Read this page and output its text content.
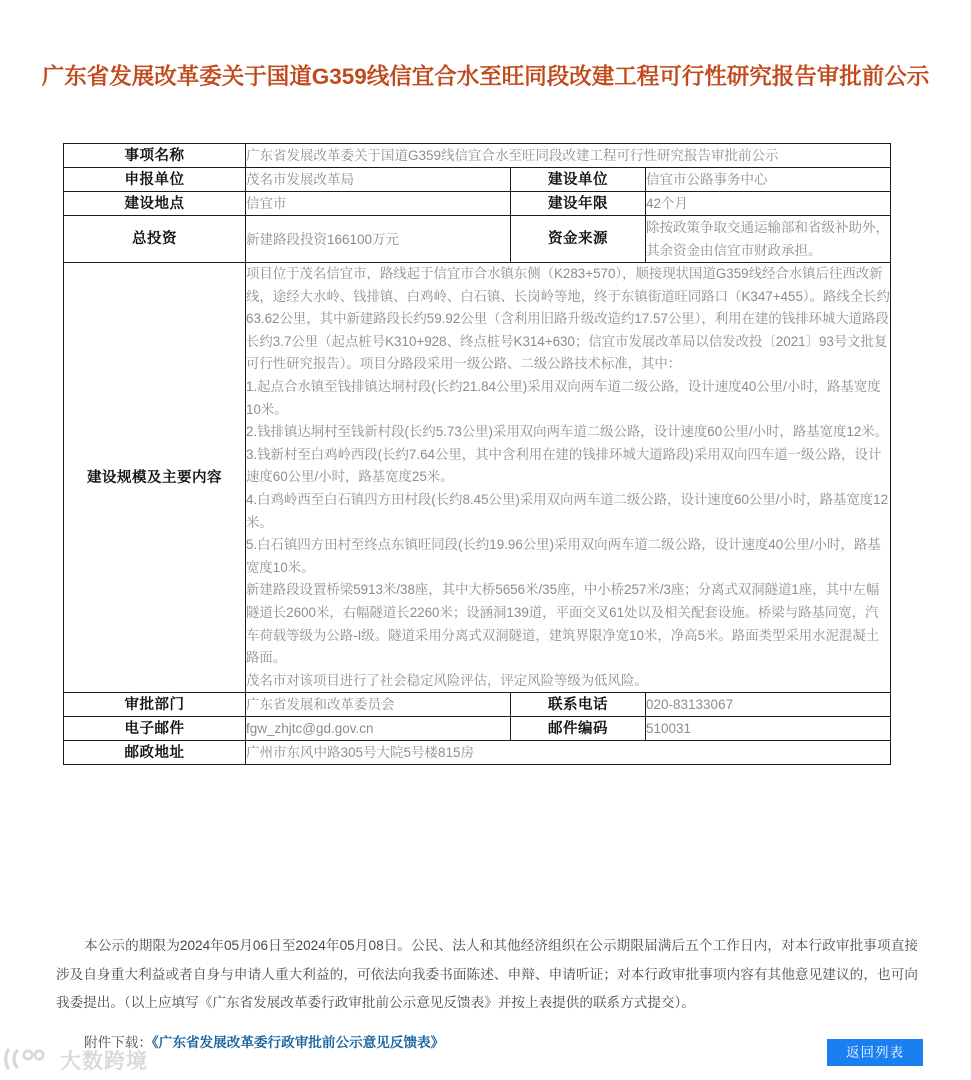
广东省发展改革委关于国道G359线信宜合水至旺同段改建工程可行性研究报告审批前公示
事项名称	广东省发展改革委关于国道G359线信宜合水至旺同段改建工程可行性研究报告审批前公示		
申报单位	茂名市发展改革局	建设单位	信宜市公路事务中心
建设地点	信宜市	建设年限	42个月
总投资	新建路段投资166100万元	资金来源	除按政策争取交通运输部和省级补助外，其余资金由信宜市财政承担。
建设规模及主要内容	

项目位于茂名信宜市，路线起于信宜市合水镇东侧（K283+570），顺接现状国道G359线经合水镇后往西改新线，途经大水岭、钱排镇、白鸡岭、白石镇、长岗岭等地，终于东镇街道旺同路口（K347+455）。路线全长约63.62公里，其中新建路段长约59.92公里（含利用旧路升级改造约17.57公里），利用在建的钱排环城大道路段长约3.7公里（起点桩号K310+928、终点桩号K314+630；信宜市发展改革局以信发改投〔2021〕93号文批复可行性研究报告）。项目分路段采用一级公路、二级公路技术标准，其中：

1.起点合水镇至钱排镇达垌村段(长约21.84公里)采用双向两车道二级公路，设计速度40公里/小时，路基宽度10米。

2.钱排镇达垌村至钱新村段(长约5.73公里)采用双向两车道二级公路，设计速度60公里/小时，路基宽度12米。

3.钱新村至白鸡岭西段(长约7.64公里，其中含利用在建的钱排环城大道路段)采用双向四车道一级公路，设计速度60公里/小时，路基宽度25米。

4.白鸡岭西至白石镇四方田村段(长约8.45公里)采用双向两车道二级公路，设计速度60公里/小时，路基宽度12米。

5.白石镇四方田村至终点东镇旺同段(长约19.96公里)采用双向两车道二级公路，设计速度40公里/小时，路基宽度10米。

新建路段设置桥梁5913米/38座，其中大桥5656米/35座，中小桥257米/3座；分离式双洞隧道1座，其中左幅隧道长2600米，右幅隧道长2260米；设涵洞139道，平面交叉61处以及相关配套设施。桥梁与路基同宽，汽车荷载等级为公路-I级。隧道采用分离式双洞隧道，建筑界限净宽10米，净高5米。路面类型采用水泥混凝土路面。

茂名市对该项目进行了社会稳定风险评估，评定风险等级为低风险。

审批部门	广东省发展和改革委员会	联系电话	020-83133067
电子邮件	fgw_zhjtc@gd.gov.cn	邮件编码	510031
邮政地址	广州市东风中路305号大院5号楼815房		
本公示的期限为2024年05月06日至2024年05月08日。公民、法人和其他经济组织在公示期限届满后五个工作日内，对本行政审批事项直接涉及自身重大利益或者自身与申请人重大利益的，可依法向我委书面陈述、申辩、申请听证；对本行政审批事项内容有其他意见建议的，也可向我委提出。（以上应填写《广东省发展改革委行政审批前公示意见反馈表》并按上表提供的联系方式提交）。
附件下载：《广东省发展改革委行政审批前公示意见反馈表》
返回列表
大数跨境
